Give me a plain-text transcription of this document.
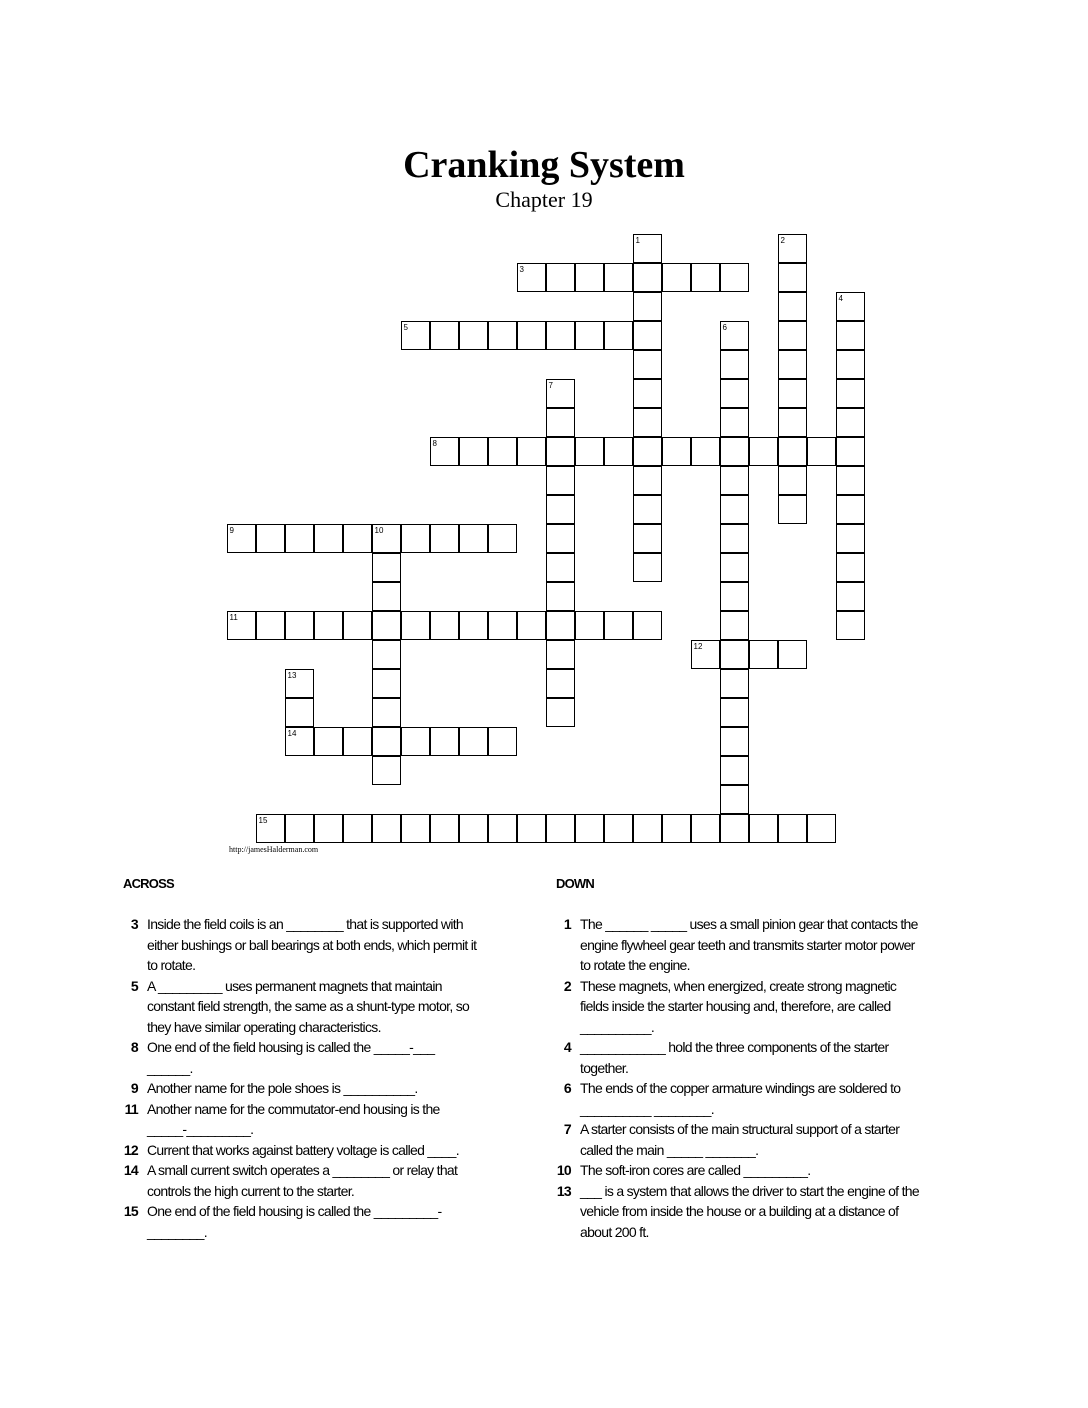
Cranking System
Chapter 19
1	2
3
4
5	6
7
8
9	10
11
12
13
14
15
http://jamesHalderman.com
ACROSS	DOWN
3 Inside the field coils is an ________ that is supported with either bushings or ball bearings at both ends, which permit it to rotate.
5 A _________ uses permanent magnets that maintain constant field strength, the same as a shunt-type motor, so they have similar operating characteristics.
8 One end of the field housing is called the _____-___ ______.
9 Another name for the pole shoes is __________.
11 Another name for the commutator-end housing is the _____-_________.
12 Current that works against battery voltage is called ____.
14 A small current switch operates a ________ or relay that controls the high current to the starter.
15 One end of the field housing is called the _________-________.
1 The ______ _____ uses a small pinion gear that contacts the engine flywheel gear teeth and transmits starter motor power to rotate the engine.
2 These magnets, when energized, create strong magnetic fields inside the starter housing and, therefore, are called __________.
4 ____________ hold the three components of the starter together.
6 The ends of the copper armature windings are soldered to __________ ________.
7 A starter consists of the main structural support of a starter called the main _____ _______.
10 The soft-iron cores are called _________.
13 ___ is a system that allows the driver to start the engine of the vehicle from inside the house or a building at a distance of about 200 ft.
